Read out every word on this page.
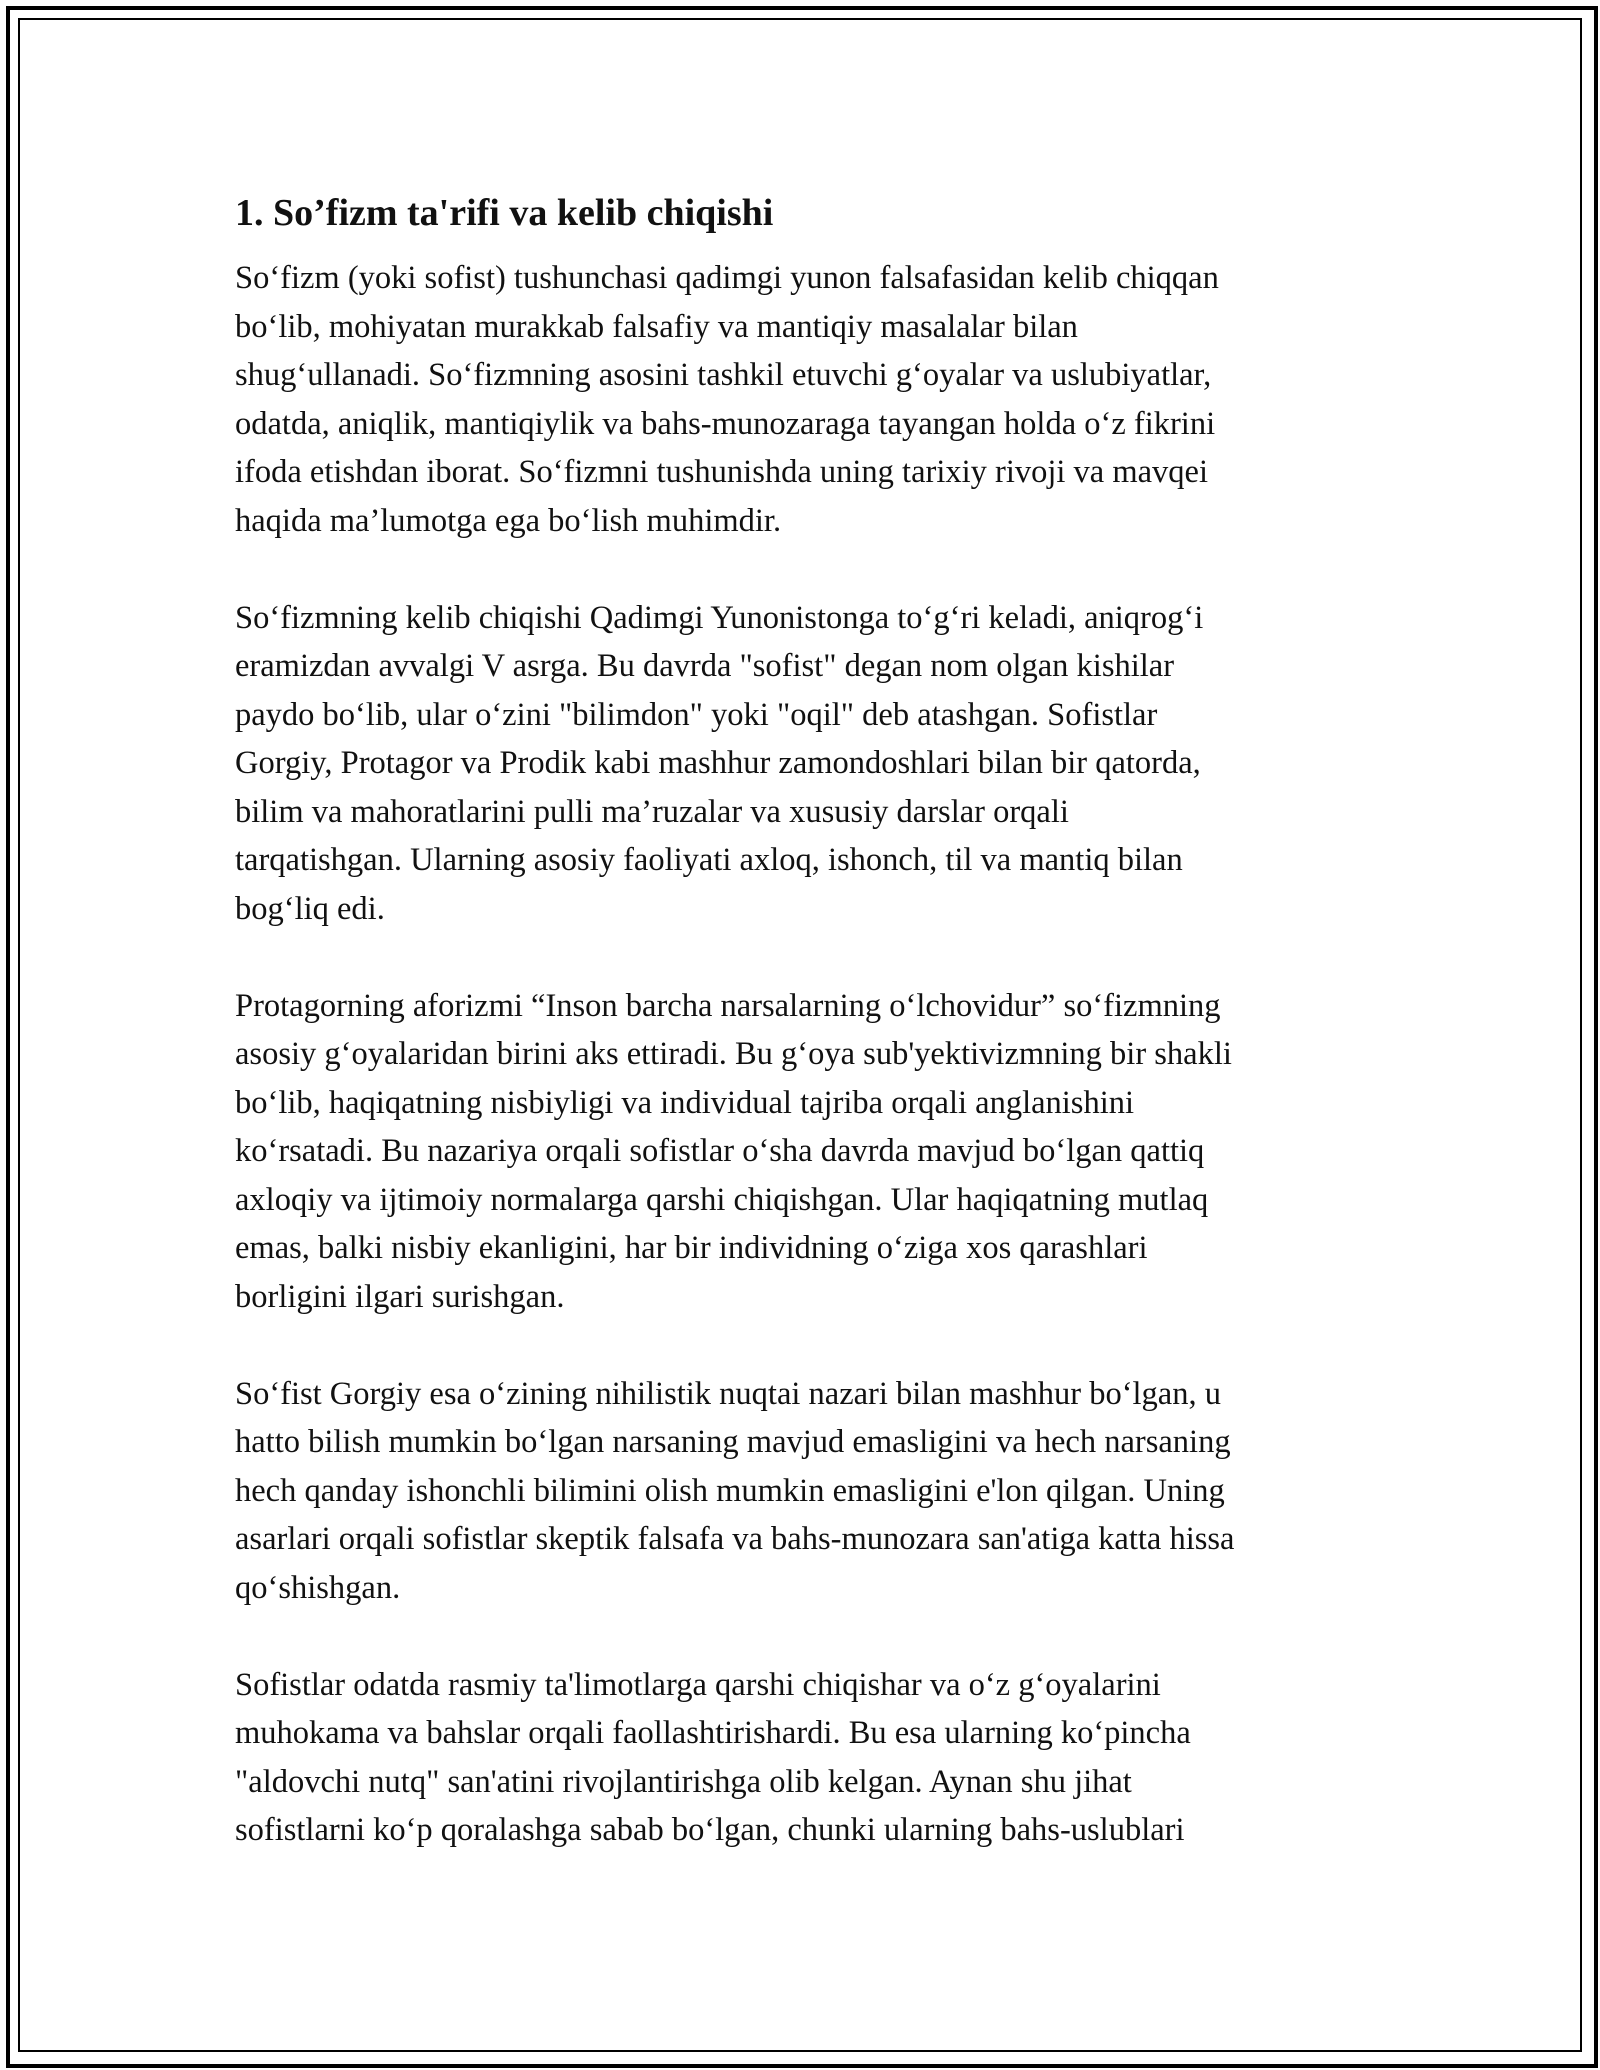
1. So’fizm ta'rifi va kelib chiqishi

So‘fizm (yoki sofist) tushunchasi qadimgi yunon falsafasidan kelib chiqqan
bo‘lib, mohiyatan murakkab falsafiy va mantiqiy masalalar bilan
shug‘ullanadi. So‘fizmning asosini tashkil etuvchi g‘oyalar va uslubiyatlar,
odatda, aniqlik, mantiqiylik va bahs-munozaraga tayangan holda o‘z fikrini
ifoda etishdan iborat. So‘fizmni tushunishda uning tarixiy rivoji va mavqei
haqida ma’lumotga ega bo‘lish muhimdir.

So‘fizmning kelib chiqishi Qadimgi Yunonistonga to‘g‘ri keladi, aniqrog‘i
eramizdan avvalgi V asrga. Bu davrda "sofist" degan nom olgan kishilar
paydo bo‘lib, ular o‘zini "bilimdon" yoki "oqil" deb atashgan. Sofistlar
Gorgiy, Protagor va Prodik kabi mashhur zamondoshlari bilan bir qatorda,
bilim va mahoratlarini pulli ma’ruzalar va xususiy darslar orqali
tarqatishgan. Ularning asosiy faoliyati axloq, ishonch, til va mantiq bilan
bog‘liq edi.

Protagorning aforizmi “Inson barcha narsalarning o‘lchovidur” so‘fizmning
asosiy g‘oyalaridan birini aks ettiradi. Bu g‘oya sub'yektivizmning bir shakli
bo‘lib, haqiqatning nisbiyligi va individual tajriba orqali anglanishini
ko‘rsatadi. Bu nazariya orqali sofistlar o‘sha davrda mavjud bo‘lgan qattiq
axloqiy va ijtimoiy normalarga qarshi chiqishgan. Ular haqiqatning mutlaq
emas, balki nisbiy ekanligini, har bir individning o‘ziga xos qarashlari
borligini ilgari surishgan.

So‘fist Gorgiy esa o‘zining nihilistik nuqtai nazari bilan mashhur bo‘lgan, u
hatto bilish mumkin bo‘lgan narsaning mavjud emasligini va hech narsaning
hech qanday ishonchli bilimini olish mumkin emasligini e'lon qilgan. Uning
asarlari orqali sofistlar skeptik falsafa va bahs-munozara san'atiga katta hissa
qo‘shishgan.

Sofistlar odatda rasmiy ta'limotlarga qarshi chiqishar va o‘z g‘oyalarini
muhokama va bahslar orqali faollashtirishardi. Bu esa ularning ko‘pincha
"aldovchi nutq" san'atini rivojlantirishga olib kelgan. Aynan shu jihat
sofistlarni ko‘p qoralashga sabab bo‘lgan, chunki ularning bahs-uslublari
